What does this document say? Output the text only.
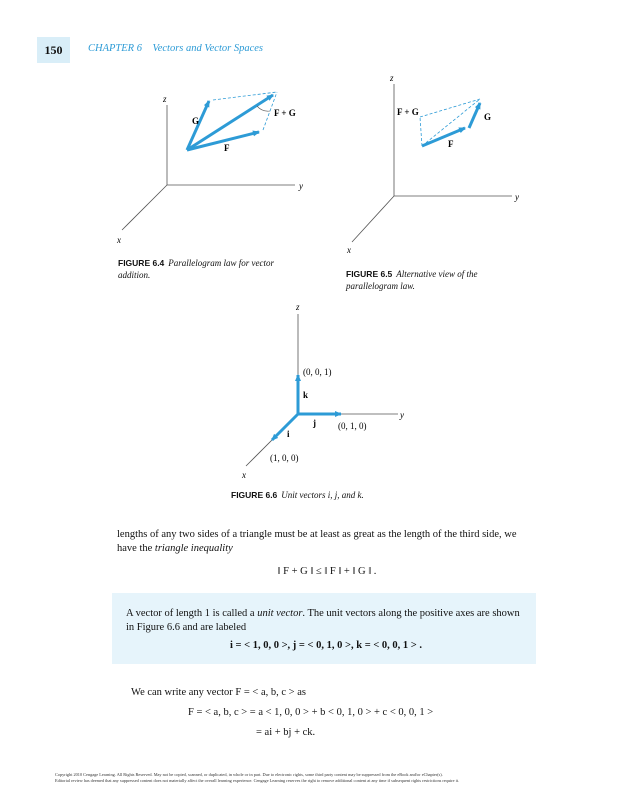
150	CHAPTER 6 Vectors and Vector Spaces
z
y
x
G
F
F + G
FIGURE 6.4 Parallelogram law for vector addition.
z
y
x
F + G	G
F
FIGURE 6.5 Alternative view of the parallelogram law.
z
y
x
(0, 0, 1)
k
j (0, 1, 0)
i
(1, 0, 0)
FIGURE 6.6 Unit vectors i, j, and k.
lengths of any two sides of a triangle must be at least as great as the length of the third side, we have the triangle inequality
‖ F + G ‖ ≤ ‖ F ‖ + ‖ G ‖ .
A vector of length 1 is called a unit vector. The unit vectors along the positive axes are shown in Figure 6.6 and are labeled
i = < 1, 0, 0 >, j = < 0, 1, 0 >, k = < 0, 0, 1 > .
We can write any vector F = < a, b, c > as
F = < a, b, c > = a < 1, 0, 0 > + b < 0, 1, 0 > + c < 0, 0, 1 >
= ai + bj + ck.
Copyright 2010 Cengage Learning. All Rights Reserved. May not be copied, scanned, or duplicated, in whole or in part. Due to electronic rights, some third party content may be suppressed from the eBook and/or eChapter(s).
Editorial review has deemed that any suppressed content does not materially affect the overall learning experience. Cengage Learning reserves the right to remove additional content at any time if subsequent rights restrictions require it.
